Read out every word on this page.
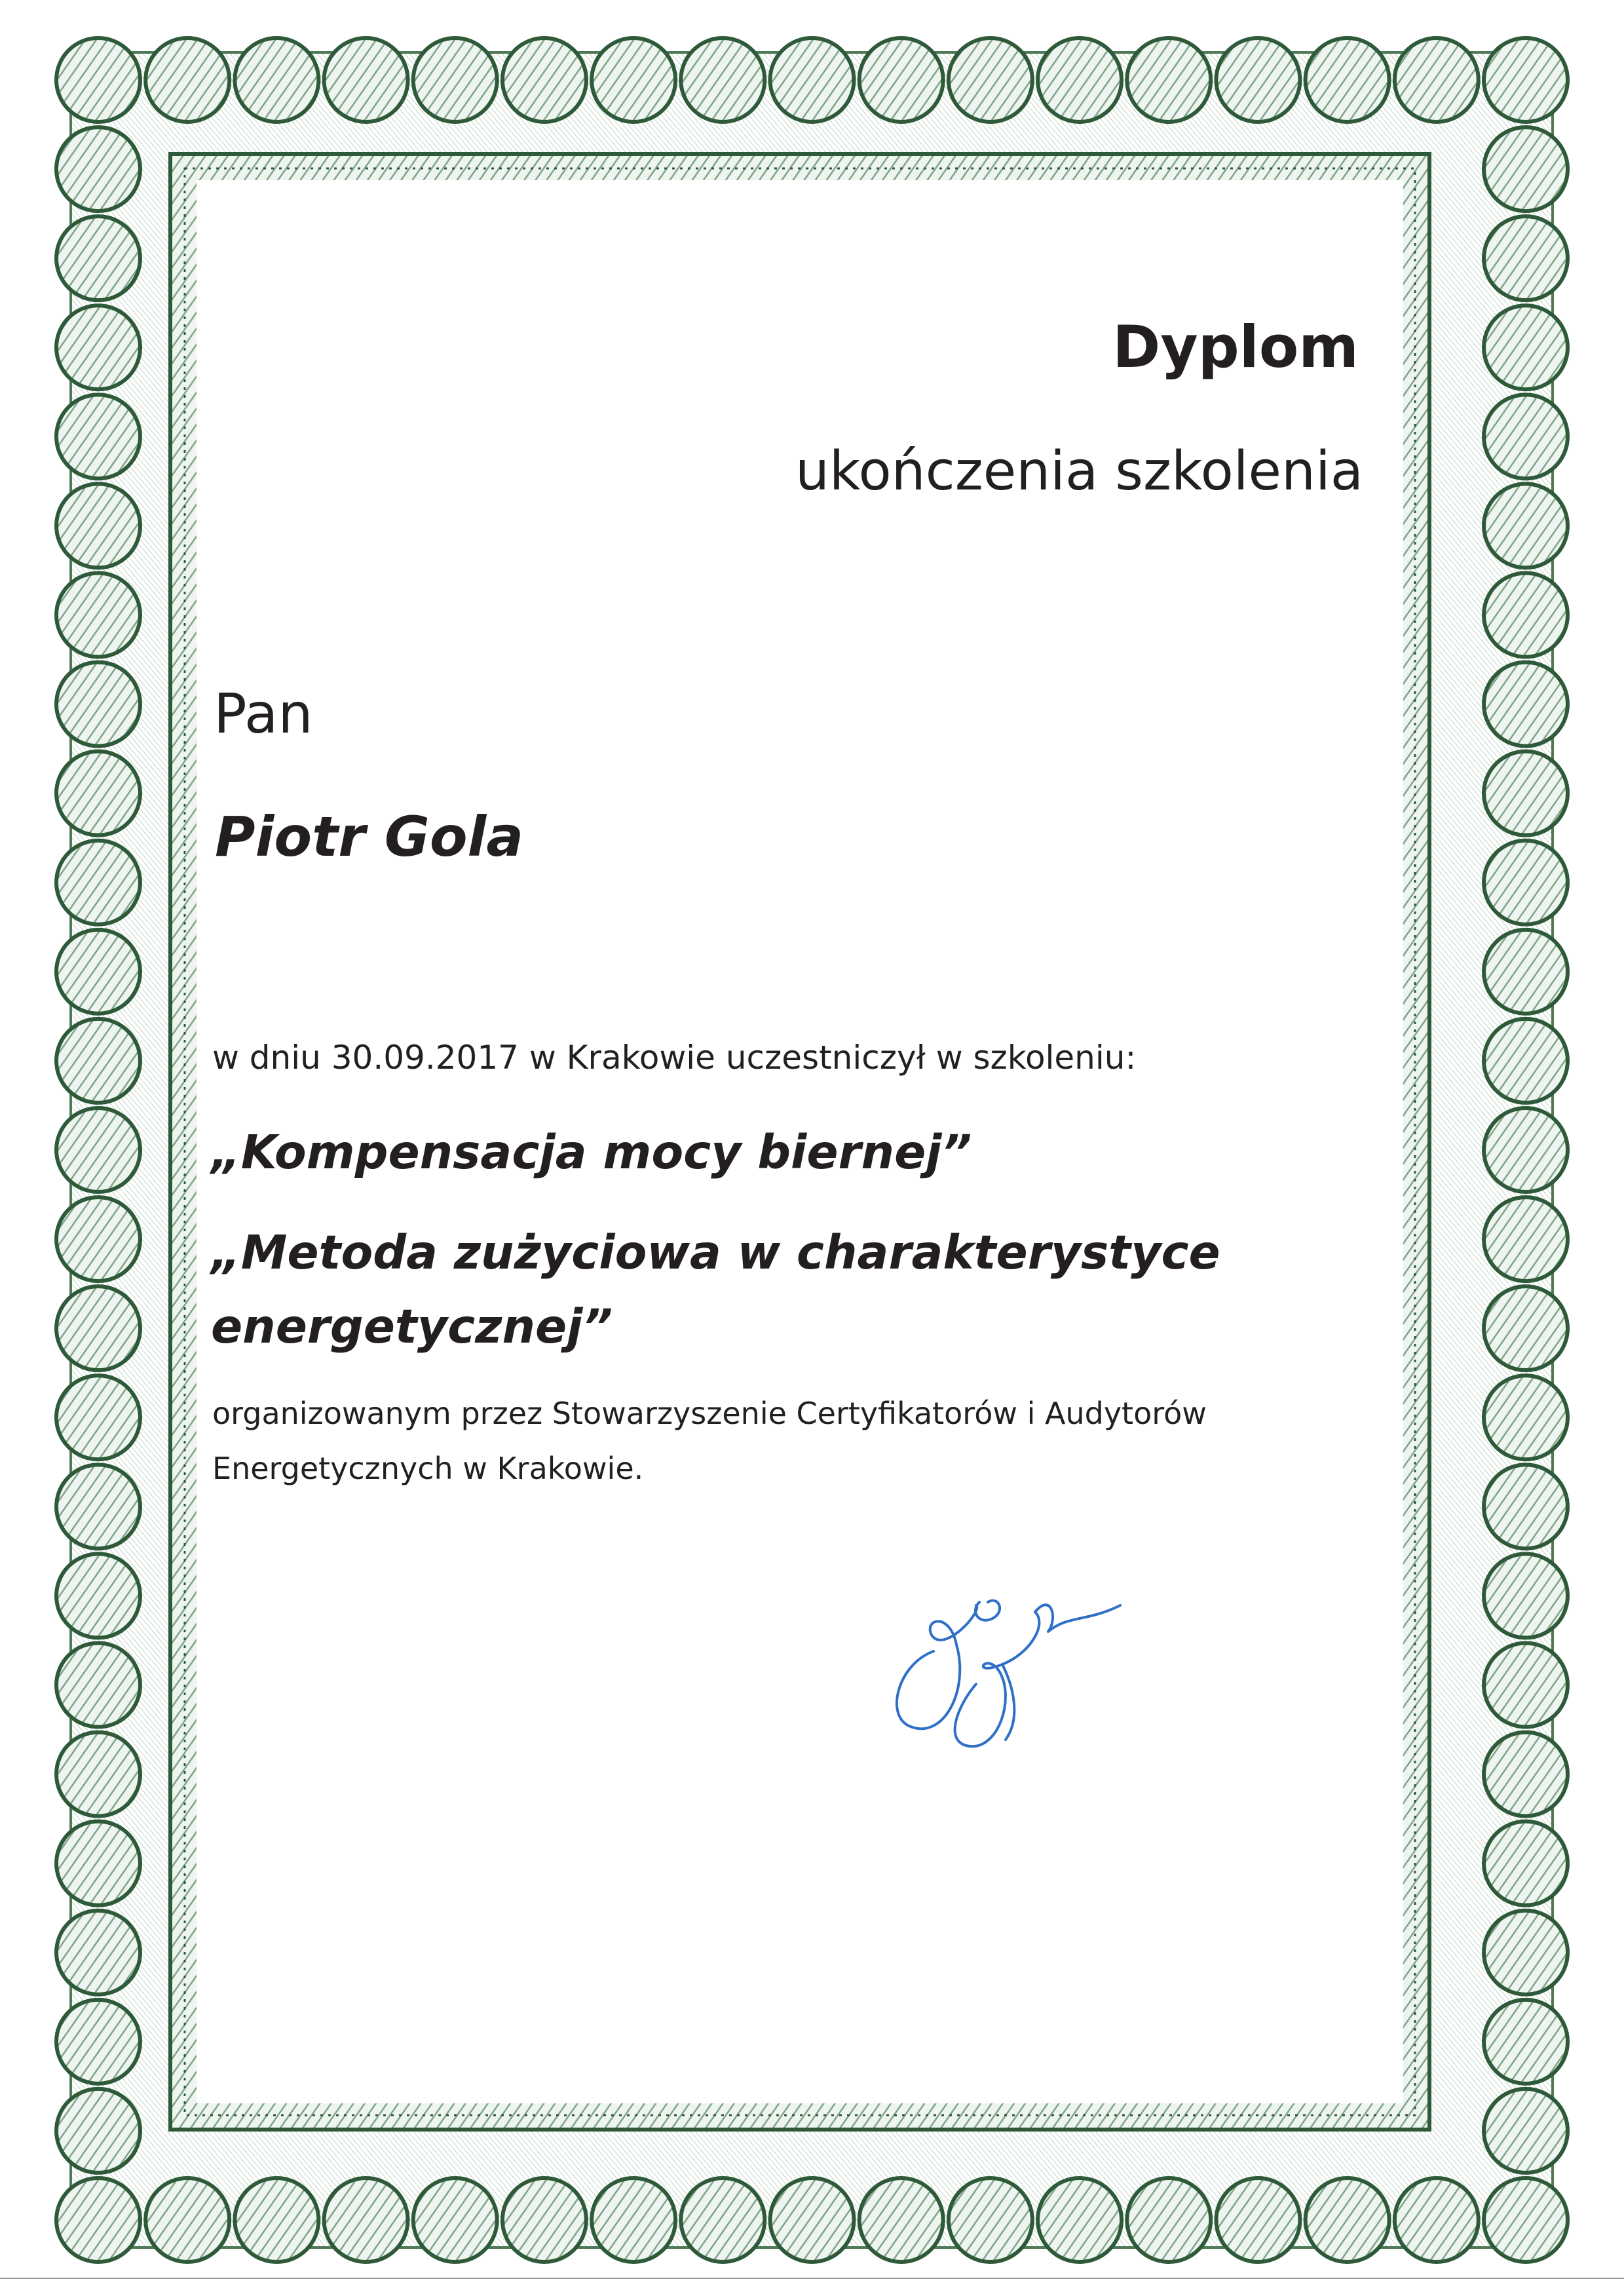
Dyplom
ukończenia szkolenia
Pan
Piotr Gola
w dniu 30.09.2017 w Krakowie uczestniczył w szkoleniu:
„Kompensacja mocy biernej”
„Metoda zużyciowa w charakterystyce
energetycznej”
organizowanym przez Stowarzyszenie Certyfikatorów i Audytorów
Energetycznych w Krakowie.
